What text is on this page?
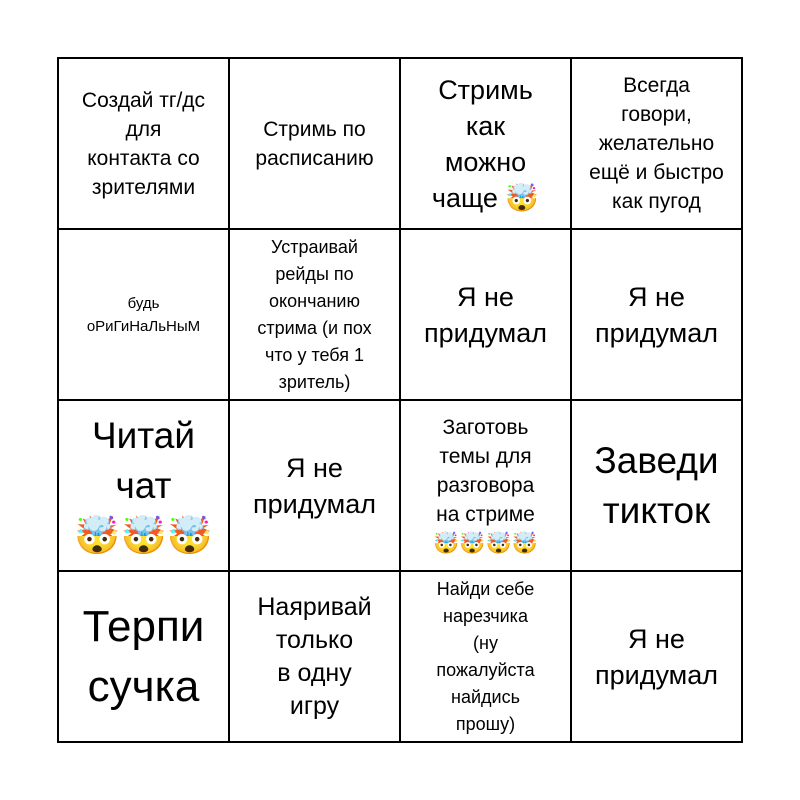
Создай тг/дс
для
контакта со
зрителями
Стримь по
расписанию
Стримь
как
можно
чаще 🤯
Всегда
говори,
желательно
ещё и быстро
как пугод
будь
оРиГиНаЛьНыМ
Устраивай
рейды по
окончанию
стрима (и пох
что у тебя 1
зритель)
Я не
придумал
Я не
придумал
Читай
чат
🤯🤯🤯
Я не
придумал
Заготовь
темы для
разговора
на стриме
🤯🤯🤯🤯
Заведи
тикток
Терпи
сучка
Наяривай
только
в одну
игру
Найди себе
нарезчика
(ну
пожалуйста
найдись
прошу)
Я не
придумал
